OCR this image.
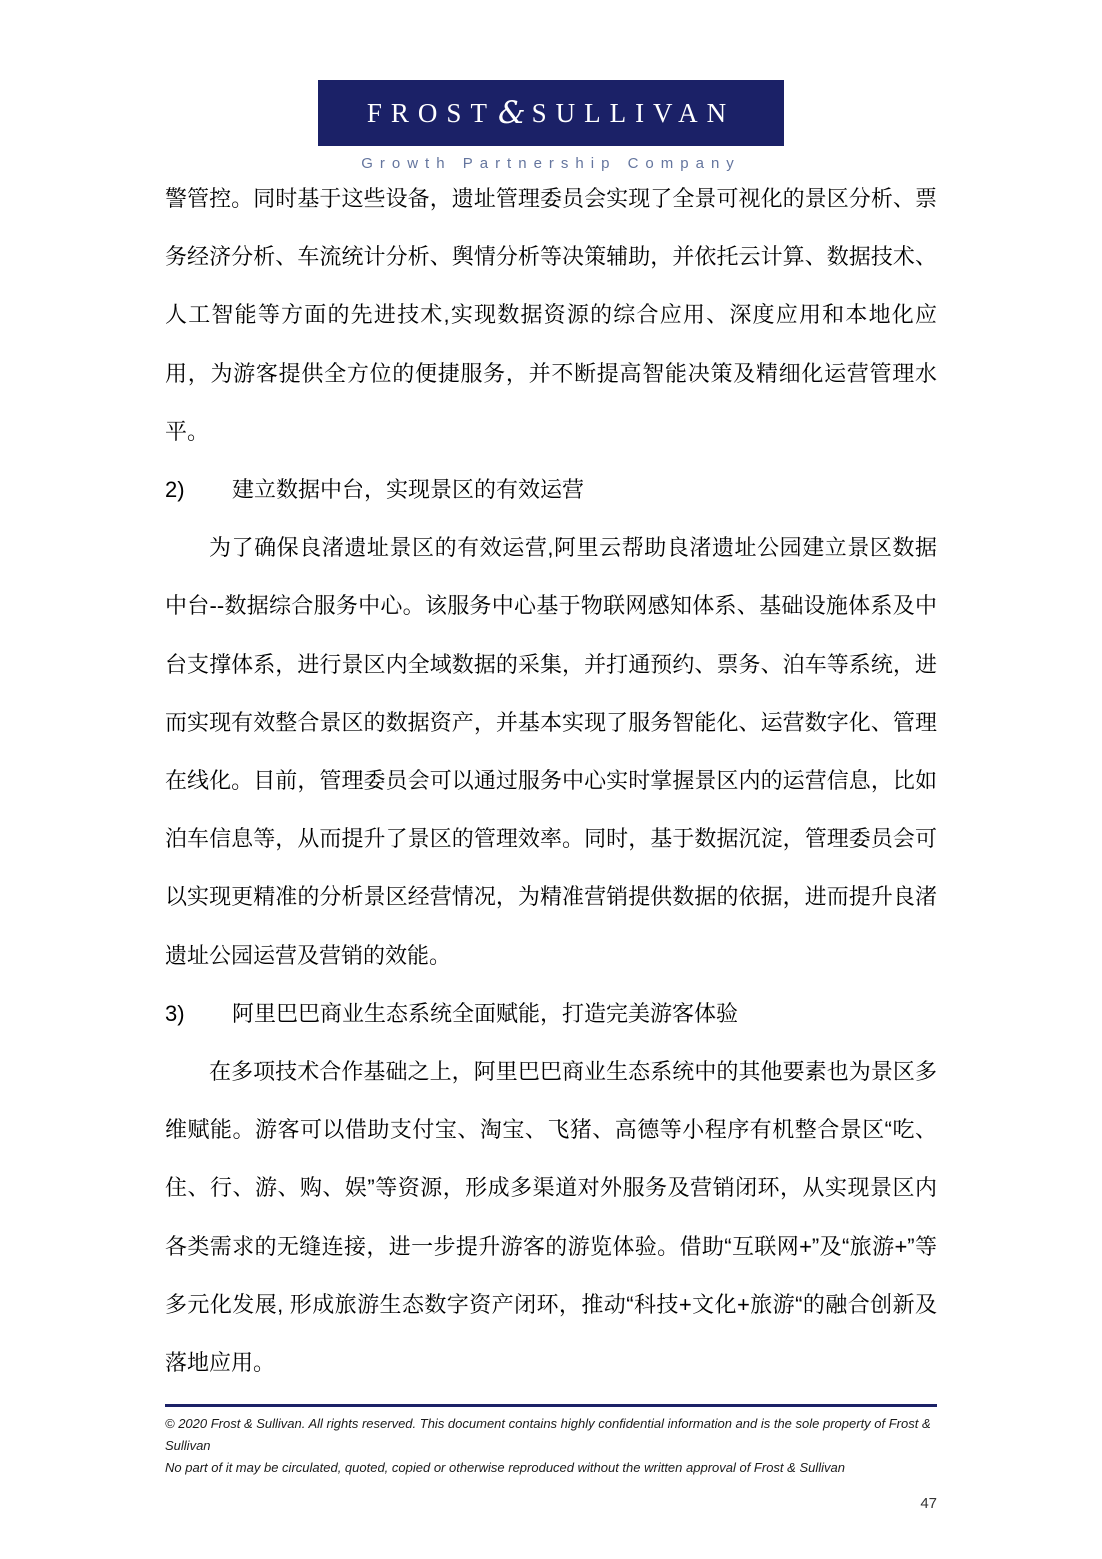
FROST & SULLIVAN
Growth Partnership Company

警管控。同时基于这些设备，遗址管理委员会实现了全景可视化的景区分析、票务经济分析、车流统计分析、舆情分析等决策辅助，并依托云计算、数据技术、人工智能等方面的先进技术,实现数据资源的综合应用、深度应用和本地化应用，为游客提供全方位的便捷服务，并不断提高智能决策及精细化运营管理水平。

2) 建立数据中台，实现景区的有效运营

为了确保良渚遗址景区的有效运营,阿里云帮助良渚遗址公园建立景区数据中台--数据综合服务中心。该服务中心基于物联网感知体系、基础设施体系及中台支撑体系，进行景区内全域数据的采集，并打通预约、票务、泊车等系统，进而实现有效整合景区的数据资产，并基本实现了服务智能化、运营数字化、管理在线化。目前，管理委员会可以通过服务中心实时掌握景区内的运营信息，比如泊车信息等，从而提升了景区的管理效率。同时，基于数据沉淀，管理委员会可以实现更精准的分析景区经营情况，为精准营销提供数据的依据，进而提升良渚遗址公园运营及营销的效能。

3) 阿里巴巴商业生态系统全面赋能，打造完美游客体验

在多项技术合作基础之上，阿里巴巴商业生态系统中的其他要素也为景区多维赋能。游客可以借助支付宝、淘宝、飞猪、高德等小程序有机整合景区“吃、住、行、游、购、娱”等资源，形成多渠道对外服务及营销闭环，从实现景区内各类需求的无缝连接，进一步提升游客的游览体验。借助“互联网+”及“旅游+”等多元化发展, 形成旅游生态数字资产闭环，推动“科技+文化+旅游“的融合创新及落地应用。

© 2020 Frost & Sullivan. All rights reserved. This document contains highly confidential information and is the sole property of Frost & Sullivan

No part of it may be circulated, quoted, copied or otherwise reproduced without the written approval of Frost & Sullivan

47
